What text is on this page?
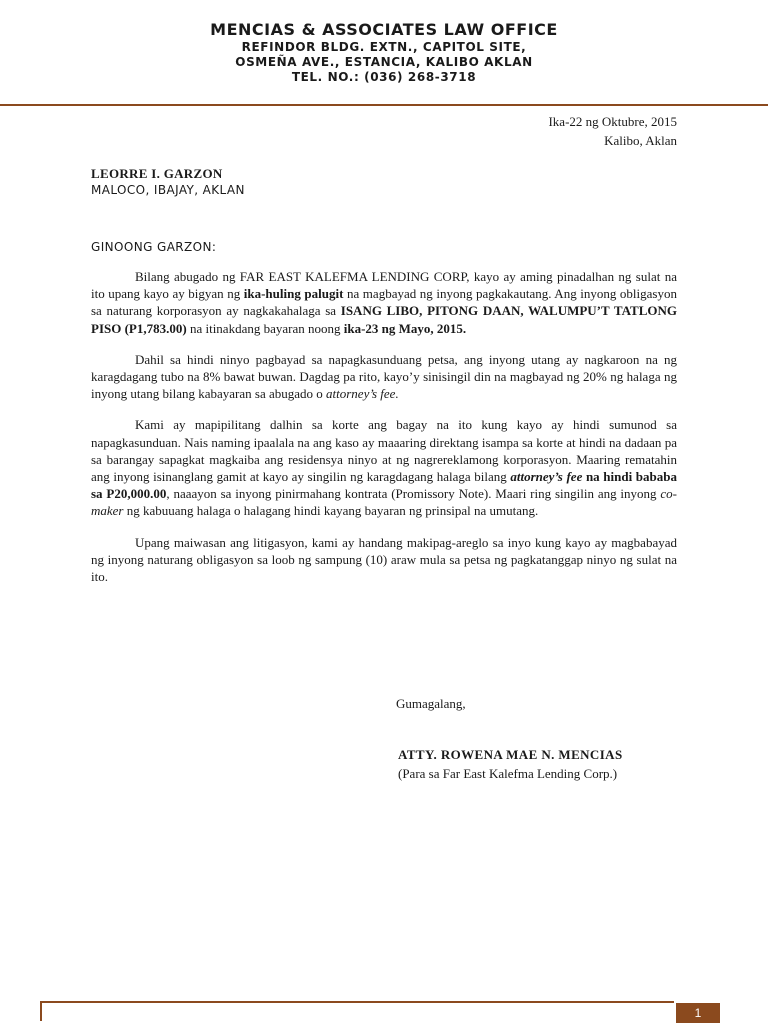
MENCIAS & ASSOCIATES LAW OFFICE
REFINDOR BLDG. EXTN., CAPITOL SITE,
OSMEÑA AVE., ESTANCIA, KALIBO AKLAN
TEL. NO.: (036) 268-3718
Ika-22 ng Oktubre, 2015
Kalibo, Aklan
LEORRE I. GARZON
MALOCO, IBAJAY, AKLAN
GINOONG GARZON:

Bilang abugado ng FAR EAST KALEFMA LENDING CORP, kayo ay aming pinadalhan ng sulat na ito upang kayo ay bigyan ng ika-huling palugit na magbayad ng inyong pagkakautang. Ang inyong obligasyon sa naturang korporasyon ay nagkakahalaga sa ISANG LIBO, PITONG DAAN, WALUMPU’T TATLONG PISO (P1,783.00) na itinakdang bayaran noong ika-23 ng Mayo, 2015.

Dahil sa hindi ninyo pagbayad sa napagkasunduang petsa, ang inyong utang ay nagkaroon na ng karagdagang tubo na 8% bawat buwan. Dagdag pa rito, kayo’y sinisingil din na magbayad ng 20% ng halaga ng inyong utang bilang kabayaran sa abugado o attorney’s fee.

Kami ay mapipilitang dalhin sa korte ang bagay na ito kung kayo ay hindi sumunod sa napagkasunduan. Nais naming ipaalala na ang kaso ay maaaring direktang isampa sa korte at hindi na dadaan pa sa barangay sapagkat magkaiba ang residensya ninyo at ng nagrereklamong korporasyon. Maaring rematahin ang inyong isinanglang gamit at kayo ay singilin ng karagdagang halaga bilang attorney’s fee na hindi bababa sa P20,000.00, naaayon sa inyong pinirmahang kontrata (Promissory Note). Maari ring singilin ang inyong co-maker ng kabuuang halaga o halagang hindi kayang bayaran ng prinsipal na umutang.

Upang maiwasan ang litigasyon, kami ay handang makipag-areglo sa inyo kung kayo ay magbabayad ng inyong naturang obligasyon sa loob ng sampung (10) araw mula sa petsa ng pagkatanggap ninyo ng sulat na ito.

Gumagalang,
ATTY. ROWENA MAE N. MENCIAS
(Para sa Far East Kalefma Lending Corp.)
1
